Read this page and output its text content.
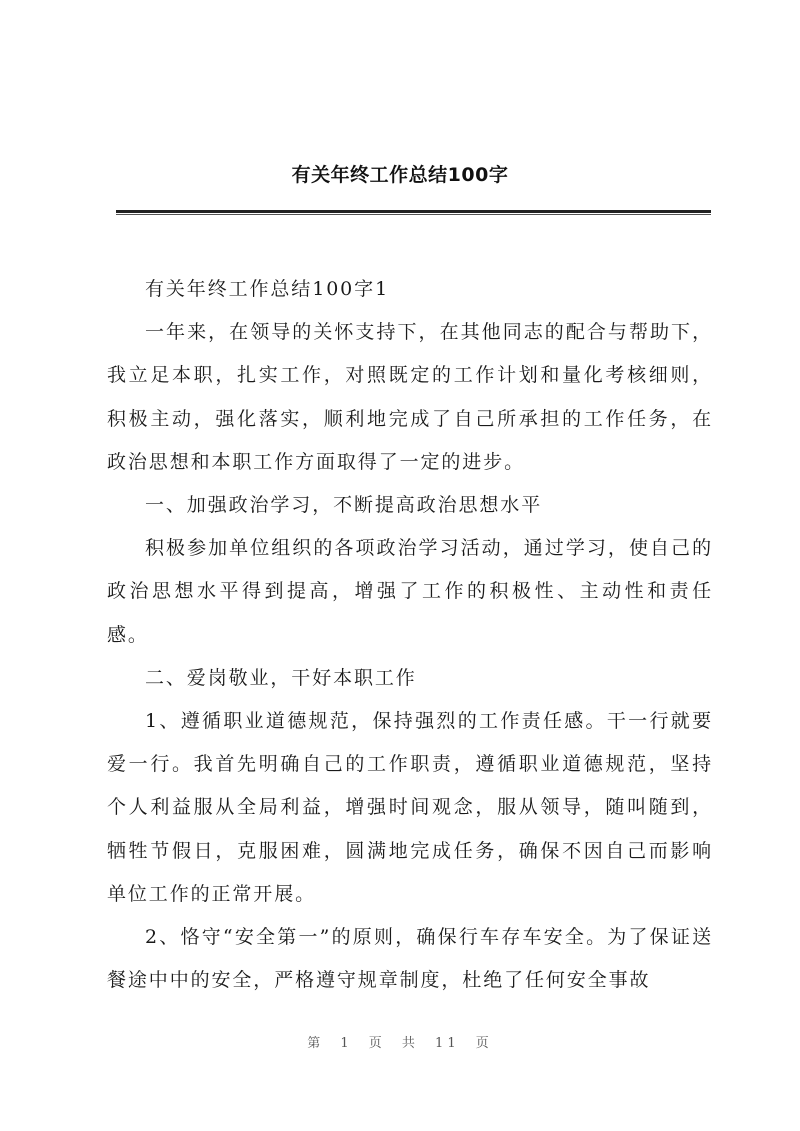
有关年终工作总结100字

有关年终工作总结100字1

一年来，在领导的关怀支持下，在其他同志的配合与帮助下，我立足本职，扎实工作，对照既定的工作计划和量化考核细则，积极主动，强化落实，顺利地完成了自己所承担的工作任务，在政治思想和本职工作方面取得了一定的进步。

一、加强政治学习，不断提高政治思想水平

积极参加单位组织的各项政治学习活动，通过学习，使自己的政治思想水平得到提高，增强了工作的积极性、主动性和责任感。

二、爱岗敬业，干好本职工作

1、遵循职业道德规范，保持强烈的工作责任感。干一行就要爱一行。我首先明确自己的工作职责，遵循职业道德规范，坚持个人利益服从全局利益，增强时间观念，服从领导，随叫随到，牺牲节假日，克服困难，圆满地完成任务，确保不因自己而影响单位工作的正常开展。

2、恪守“安全第一”的原则，确保行车存车安全。为了保证送餐途中中的安全，严格遵守规章制度，杜绝了任何安全事故

第 1 页 共 11 页
